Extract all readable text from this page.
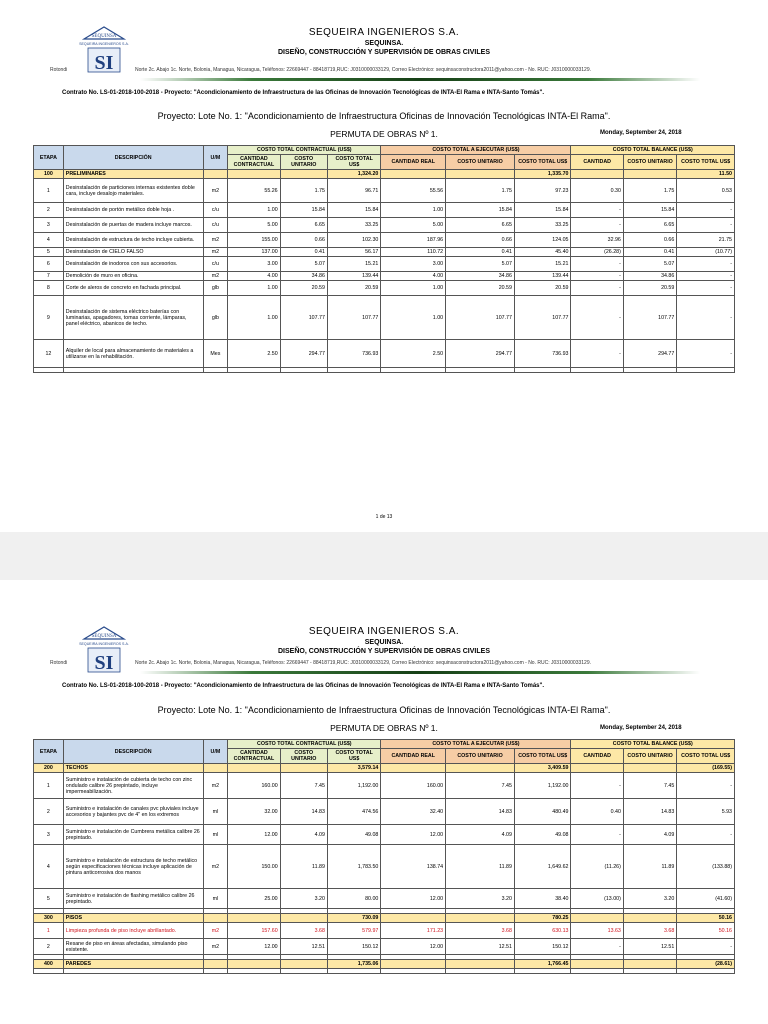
SEQUINSA
SEQUEIRA INGENIEROS S.A.
SI
SEQUEIRA INGENIEROS S.A.
SEQUINSA.
DISEÑO, CONSTRUCCIÓN Y SUPERVISIÓN DE OBRAS CIVILES
Rotondi	Norte 2c. Abajo 1c. Norte, Bolonia, Managua, Nicaragua, Teléfonos: 22669447 - 88418719,RUC: J0310000033129, Correo Electrónico: sequinsaconstructora2011@yahoo.com - No. RUC: J0310000033129.
Contrato No. LS-01-2018-100-2018 - Proyecto: "Acondicionamiento de Infraestructura de las Oficinas de Innovación Tecnológicas de INTA-El Rama e INTA-Santo Tomás".
Proyecto: Lote No. 1: "Acondicionamiento de Infraestructura Oficinas de Innovación Tecnológicas INTA-El Rama".
PERMUTA DE OBRAS Nº 1.	Monday, September 24, 2018
ETAPA	DESCRIPCIÓN	U/M	COSTO TOTAL CONTRACTUAL (US$)			COSTO TOTAL A EJECUTAR (US$)			COSTO TOTAL BALANCE (US$)		
			CANTIDAD CONTRACTUAL	COSTO UNITARIO	COSTO TOTAL US$	CANTIDAD REAL	COSTO UNITARIO	COSTO TOTAL US$	CANTIDAD	COSTO UNITARIO	COSTO TOTAL US$
100	PRELIMINARES				1,324.20			1,335.70			11.50
1	Desinstalación de particiones internas existentes doble cara, incluye desalojo materiales.	m2	55.26	1.75	96.71	55.56	1.75	97.23	0.30	1.75	0.53
2	Desinstalación de portón metálico doble hoja .	c/u	1.00	15.84	15.84	1.00	15.84	15.84	-	15.84	-
3	Desinstalación de puertas de madera incluye marcos.	c/u	5.00	6.65	33.25	5.00	6.65	33.25	-	6.65	-
4	Desinstalación de estructura de techo incluye cubierta.	m2	155.00	0.66	102.30	187.96	0.66	124.05	32.96	0.66	21.75
5	Desinstalación de CIELO FALSO	m2	137.00	0.41	56.17	110.72	0.41	45.40	(26.28)	0.41	(10.77)
6	Desinstalación de inodoros con sus accesorios.	c/u	3.00	5.07	15.21	3.00	5.07	15.21	-	5.07	-
7	Demolición de muro en oficina.	m2	4.00	34.86	139.44	4.00	34.86	139.44	-	34.86	-
8	Corte de aleros de concreto en fachada principal.	glb	1.00	20.59	20.59	1.00	20.59	20.59	-	20.59	-
9	Desinstalación de sistema eléctrico baterías con luminarias, apagadores, tomas corriente, lámparas, panel eléctrico, abanicos de techo.	glb	1.00	107.77	107.77	1.00	107.77	107.77	-	107.77	-
12	Alquiler de local para almacenamiento de materiales a utilizarse en la rehabilitación.	Mes	2.50	294.77	736.93	2.50	294.77	736.93	-	294.77	-

1 de 13
SEQUINSA
SEQUEIRA INGENIEROS S.A.
SI
SEQUEIRA INGENIEROS S.A.
SEQUINSA.
DISEÑO, CONSTRUCCIÓN Y SUPERVISIÓN DE OBRAS CIVILES
Rotondi	Norte 2c. Abajo 1c. Norte, Bolonia, Managua, Nicaragua, Teléfonos: 22669447 - 88418719,RUC: J0310000033129, Correo Electrónico: sequinsaconstructora2011@yahoo.com - No. RUC: J0310000033129.
Contrato No. LS-01-2018-100-2018 - Proyecto: "Acondicionamiento de Infraestructura de las Oficinas de Innovación Tecnológicas de INTA-El Rama e INTA-Santo Tomás".
Proyecto: Lote No. 1: "Acondicionamiento de Infraestructura Oficinas de Innovación Tecnológicas INTA-El Rama".
PERMUTA DE OBRAS Nº 1.	Monday, September 24, 2018
ETAPA	DESCRIPCIÓN	U/M	COSTO TOTAL CONTRACTUAL (US$)			COSTO TOTAL A EJECUTAR (US$)			COSTO TOTAL BALANCE (US$)		
			CANTIDAD CONTRACTUAL	COSTO UNITARIO	COSTO TOTAL US$	CANTIDAD REAL	COSTO UNITARIO	COSTO TOTAL US$	CANTIDAD	COSTO UNITARIO	COSTO TOTAL US$
200	TECHOS				3,579.14			3,409.59			(169.55)
1	Suministro e instalación de cubierta de techo con zinc ondulado calibre 26 prepintado, incluye impermeabilización.	m2	160.00	7.45	1,192.00	160.00	7.45	1,192.00	-	7.45	-
2	Suministro e instalación de canales pvc pluviales incluye accesorios y bajantes pvc de 4" en los extremos	ml	32.00	14.83	474.56	32.40	14.83	480.49	0.40	14.83	5.93
3	Suministro e instalación de Cumbrera metálica calibre 26 prepintado.	ml	12.00	4.09	49.08	12.00	4.09	49.08	-	4.09	-
4	Suministro e instalación de estructura de techo metálico según especificaciones técnicas incluye aplicación de pintura anticorrosiva dos manos	m2	150.00	11.89	1,783.50	138.74	11.89	1,649.62	(11.26)	11.89	(133.88)
5	Suministro e instalación de flashing metálico calibre 26 prepintado.	ml	25.00	3.20	80.00	12.00	3.20	38.40	(13.00)	3.20	(41.60)

300	PISOS				730.09			780.25			50.16
1	Limpieza profunda de piso incluye abrillantado.	m2	157.60	3.68	579.97	171.23	3.68	630.13	13.63	3.68	50.16
2	Resane de piso en áreas afectadas, simulando piso existente.	m2	12.00	12.51	150.12	12.00	12.51	150.12	-	12.51	-

400	PAREDES				1,735.06			1,766.45			(28.61)
